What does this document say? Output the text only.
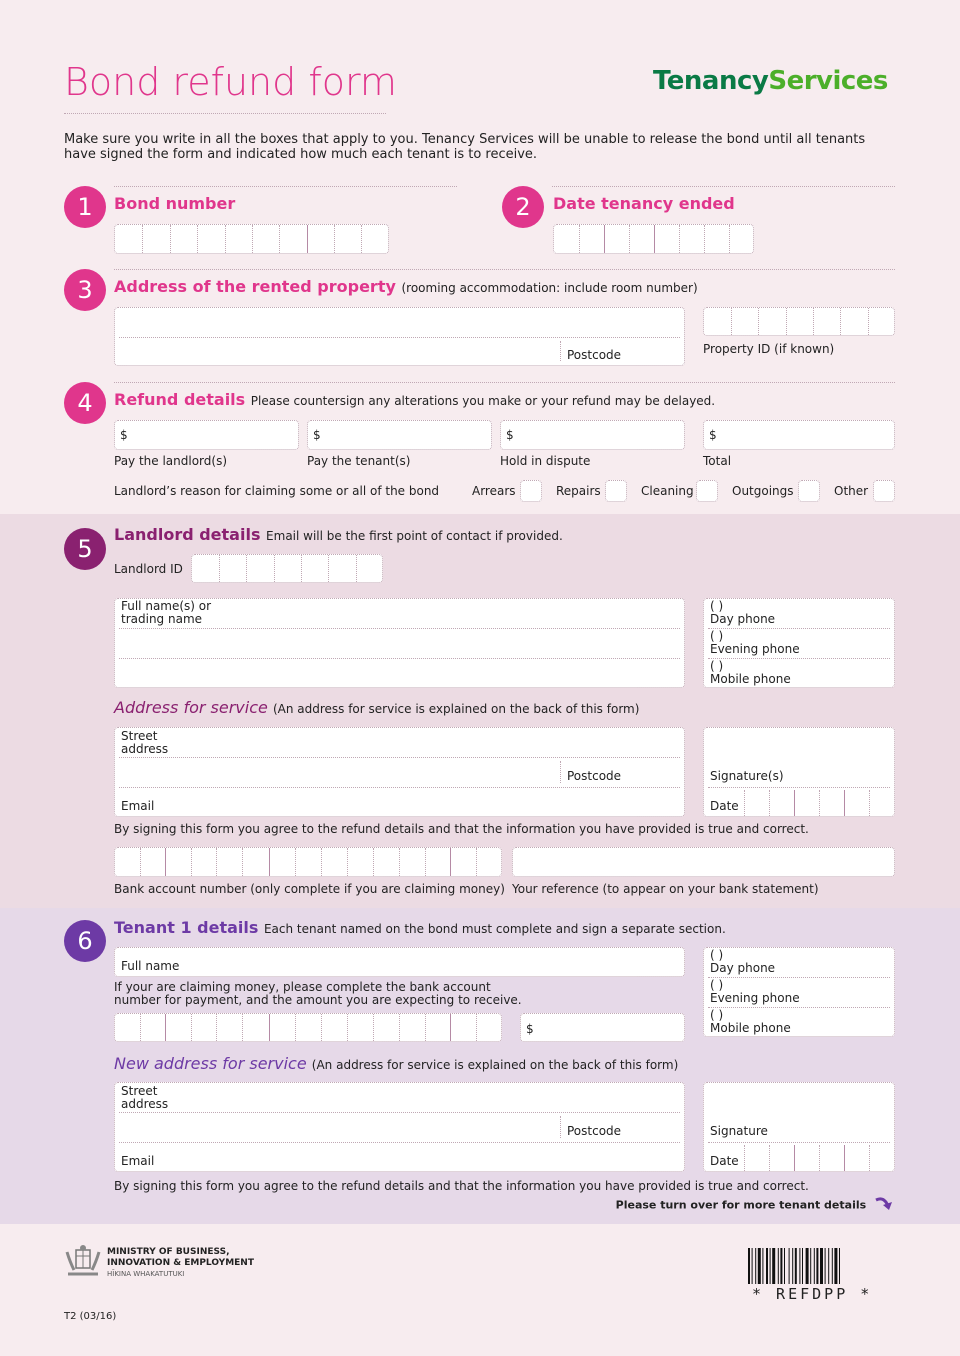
Bond refund form	TenancyServices
Make sure you write in all the boxes that apply to you. Tenancy Services will be unable to release the bond until all tenants have signed the form and indicated how much each tenant is to receive.
1	Bond number	2	Date tenancy ended
3	Address of the rented property (rooming accommodation: include room number)
Postcode	Property ID (if known)
4	Refund details Please countersign any alterations you make or your refund may be delayed.
$	$	$	$
Pay the landlord(s)	Pay the tenant(s)	Hold in dispute	Total
Landlord’s reason for claiming some or all of the bond	Arrears	Repairs	Cleaning	Outgoings	Other
5
Landlord details Email will be the first point of contact if provided.
Landlord ID
Full name(s) or
trading name
( )
Day phone
( )
Evening phone
( )
Mobile phone
Address for service (An address for service is explained on the back of this form)
Street
address
Postcode
Email
Signature(s)
Date
By signing this form you agree to the refund details and that the information you have provided is true and correct.
Bank account number (only complete if you are claiming money) Your reference (to appear on your bank statement)
6	Tenant 1 details Each tenant named on the bond must complete and sign a separate section.
Full name
If your are claiming money, please complete the bank account
number for payment, and the amount you are expecting to receive.
$
( )
Day phone
( )
Evening phone
( )
Mobile phone
New address for service (An address for service is explained on the back of this form)
Street
address
Postcode
Email
Signature
Date
By signing this form you agree to the refund details and that the information you have provided is true and correct.
Please turn over for more tenant details
MINISTRY OF BUSINESS,
INNOVATION & EMPLOYMENT
HĪKINA WHAKATUTUKI
T2 (03/16)
* REFDPP *
